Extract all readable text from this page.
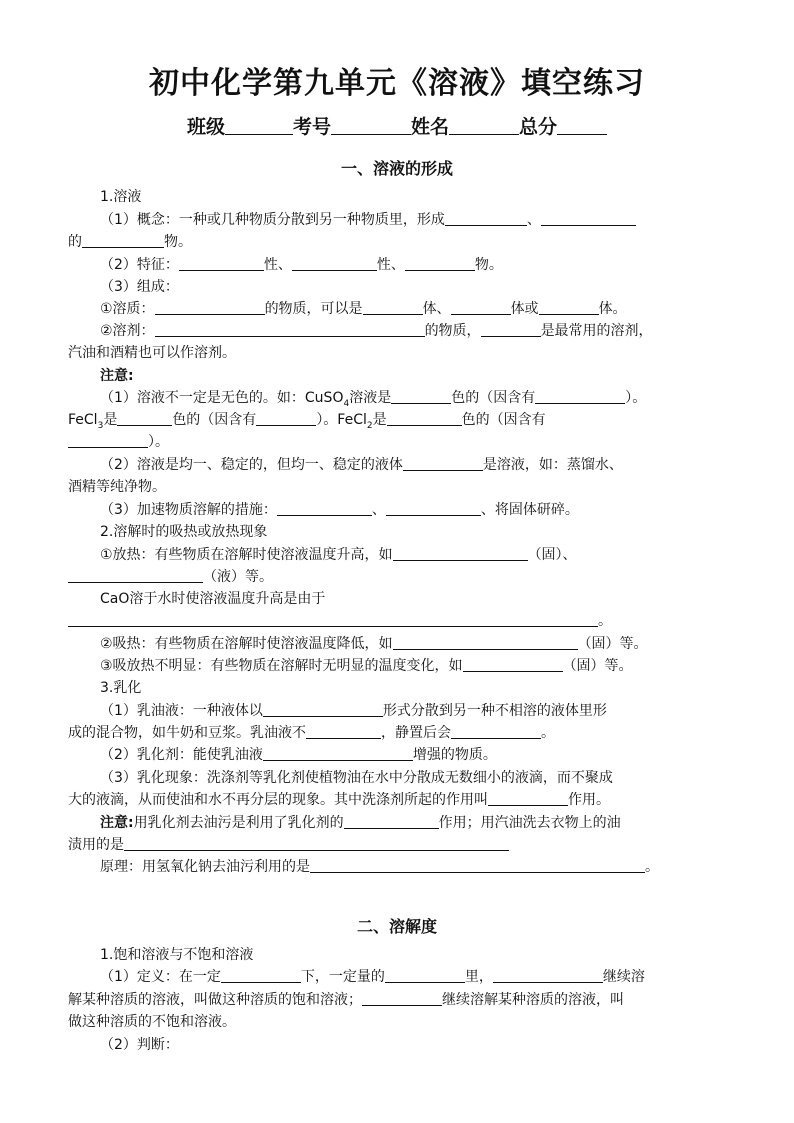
初中化学第九单元《溶液》填空练习
班级	考号	姓名	总分
一、溶液的形成
1.溶液
（1）概念：一种或几种物质分散到另一种物质里，形成	、
的	物。
（2）特征：	性、	性、	物。
（3）组成：
①溶质：	的物质，可以是	体、	体或	体。
②溶剂：	的物质，	是最常用的溶剂，
汽油和酒精也可以作溶剂。
注意:
（1）溶液不一定是无色的。如：CuSO$_4$溶液是	色的（因含有	）。
FeCl$_3$是	色的（因含有	）。FeCl$_2$是	色的（因含有
）。
（2）溶液是均一、稳定的，但均一、稳定的液体	是溶液，如：蒸馏水、
酒精等纯净物。
（3）加速物质溶解的措施：	、	、将固体研碎。
2.溶解时的吸热或放热现象
①放热：有些物质在溶解时使溶液温度升高，如	（固）、
（液）等。
CaO溶于水时使溶液温度升高是由于
。
②吸热：有些物质在溶解时使溶液温度降低，如	（固）等。
③吸放热不明显：有些物质在溶解时无明显的温度变化，如	（固）等。
3.乳化
（1）乳油液：一种液体以	形式分散到另一种不相溶的液体里形
成的混合物，如牛奶和豆浆。乳油液不	，静置后会	。
（2）乳化剂：能使乳油液	增强的物质。
（3）乳化现象：洗涤剂等乳化剂使植物油在水中分散成无数细小的液滴，而不聚成
大的液滴，从而使油和水不再分层的现象。其中洗涤剂所起的作用叫	作用。
注意:用乳化剂去油污是利用了乳化剂的	作用；用汽油洗去衣物上的油
渍用的是
原理：用氢氧化钠去油污利用的是	。
二、溶解度
1.饱和溶液与不饱和溶液
（1）定义：在一定	下，一定量的	里，	继续溶
解某种溶质的溶液，叫做这种溶质的饱和溶液；	继续溶解某种溶质的溶液，叫
做这种溶质的不饱和溶液。
（2）判断：
